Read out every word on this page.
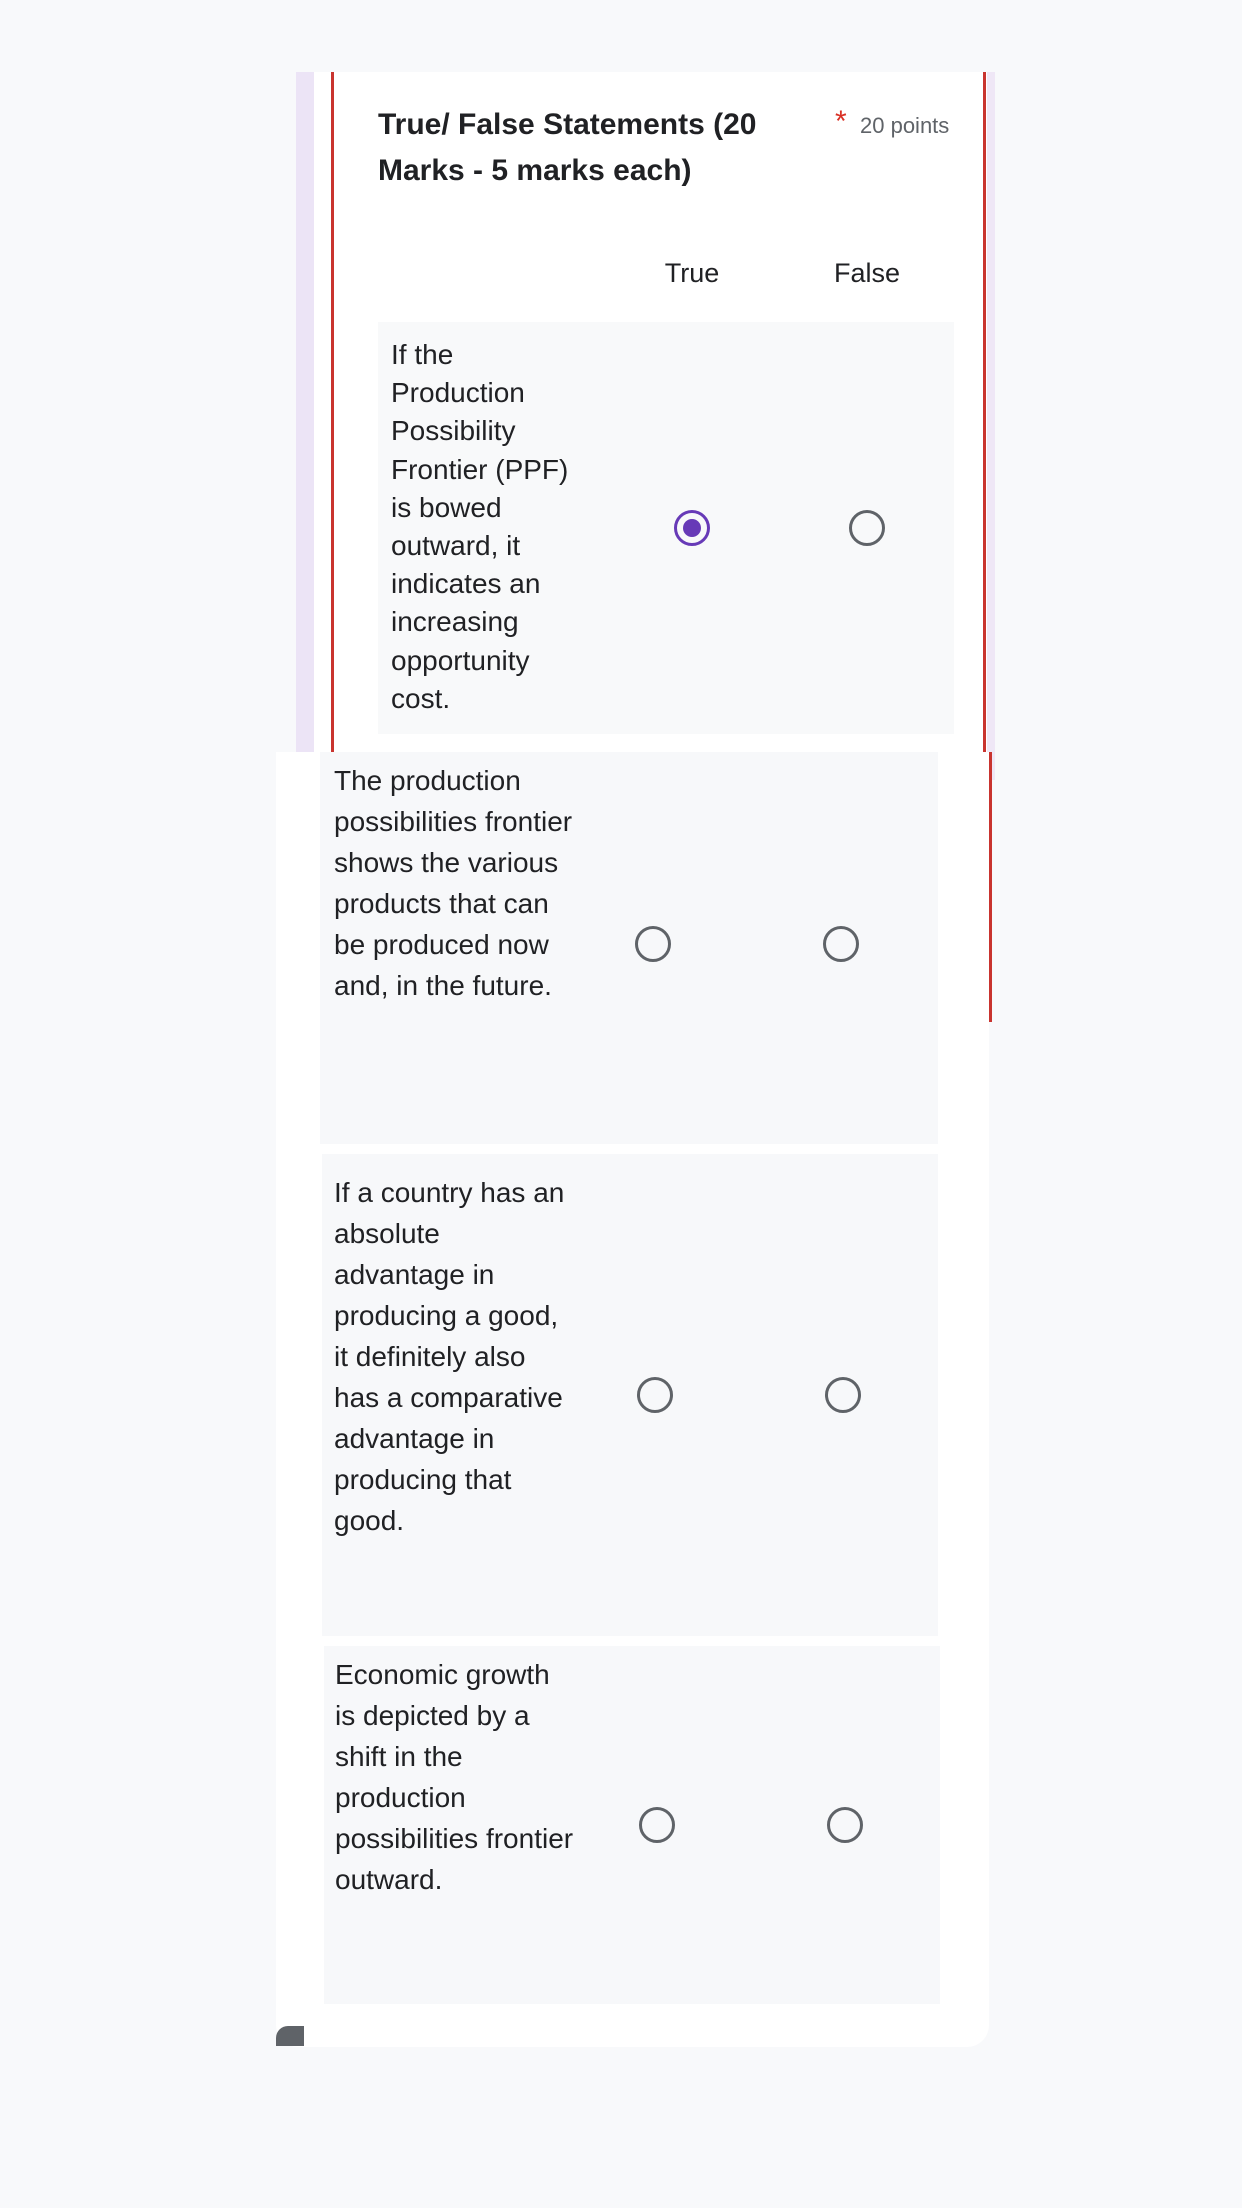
True/ False Statements (20 Marks - 5 marks each)
* 20 points
True	False
If the Production Possibility Frontier (PPF) is bowed outward, it indicates an increasing opportunity cost.
The production possibilities frontier shows the various products that can be produced now and, in the future.
If a country has an absolute advantage in producing a good, it definitely also has a comparative advantage in producing that good.
Economic growth is depicted by a shift in the production possibilities frontier outward.
